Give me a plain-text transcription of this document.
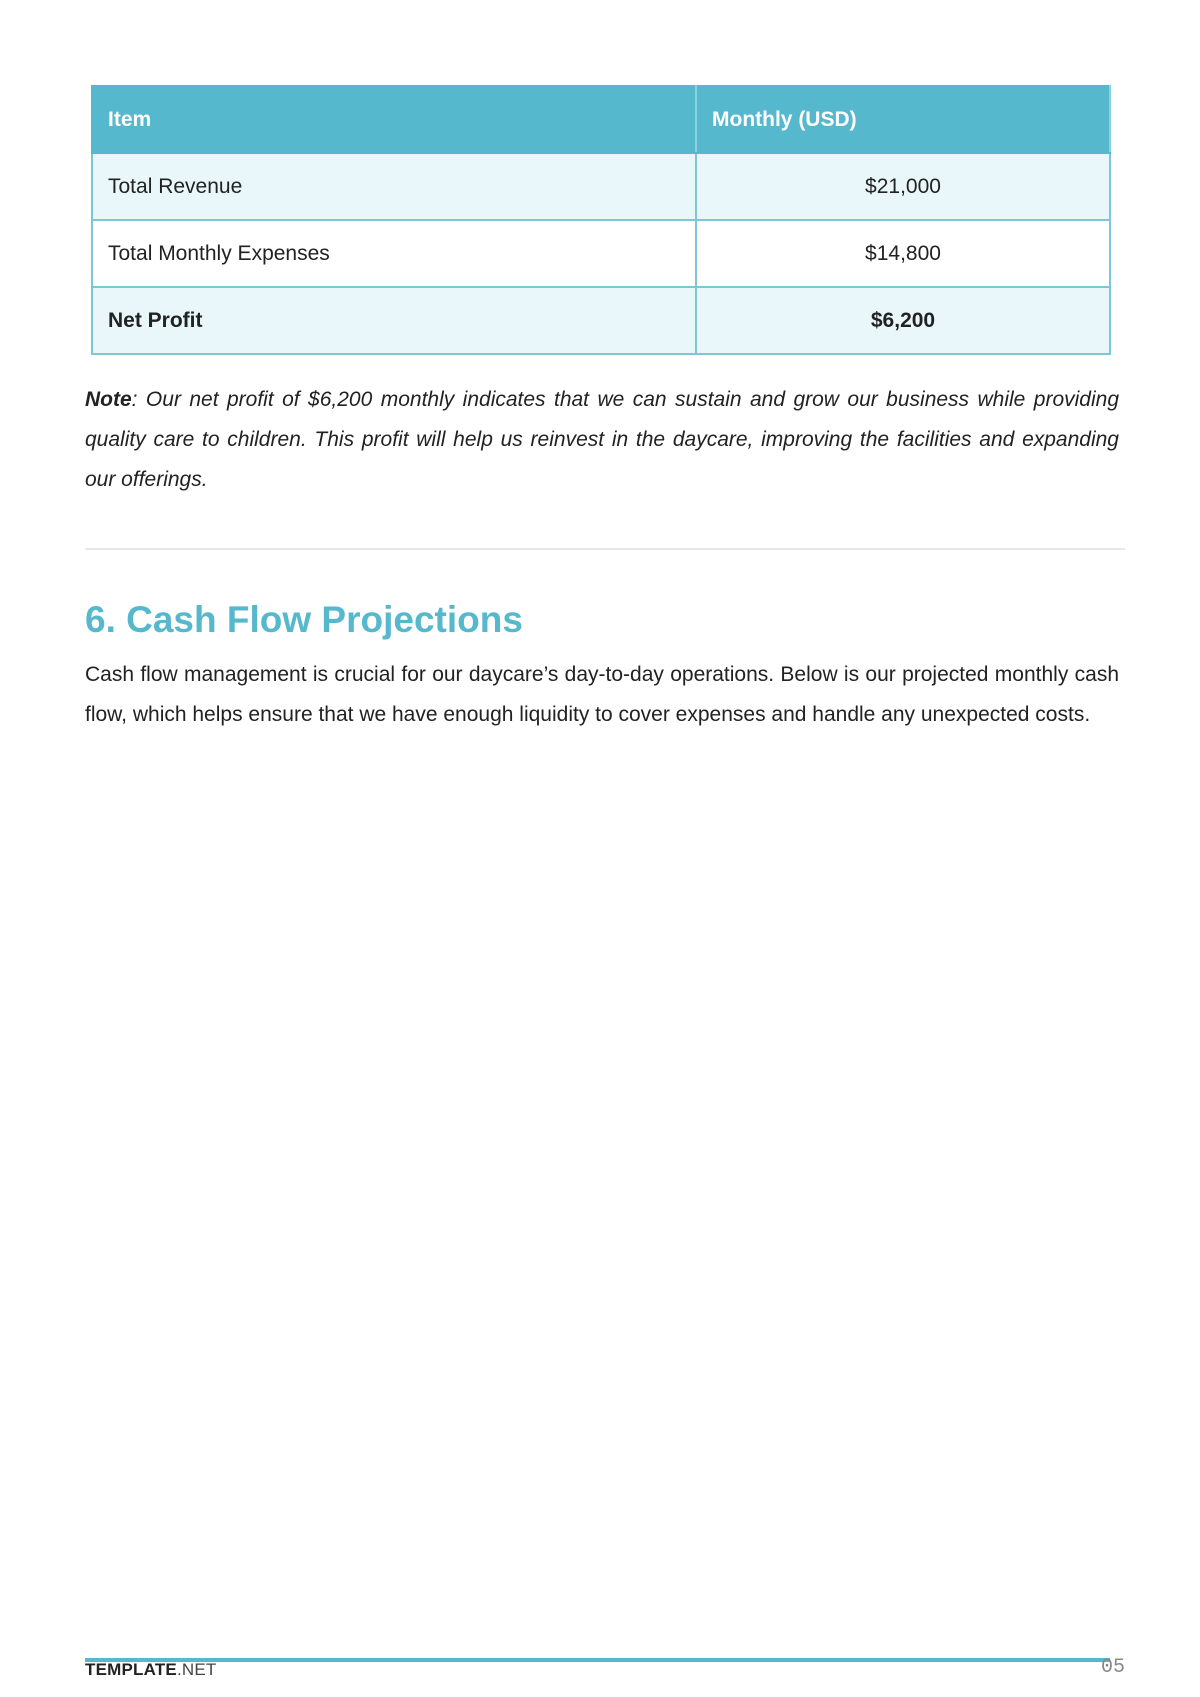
Item	Monthly (USD)
Total Revenue	$21,000
Total Monthly Expenses	$14,800
Net Profit	$6,200

Note: Our net profit of $6,200 monthly indicates that we can sustain and grow our business while providing quality care to children. This profit will help us reinvest in the daycare, improving the facilities and expanding our offerings.

6. Cash Flow Projections

Cash flow management is crucial for our daycare’s day-to-day operations. Below is our projected monthly cash flow, which helps ensure that we have enough liquidity to cover expenses and handle any unexpected costs.

TEMPLATE.NET	05
